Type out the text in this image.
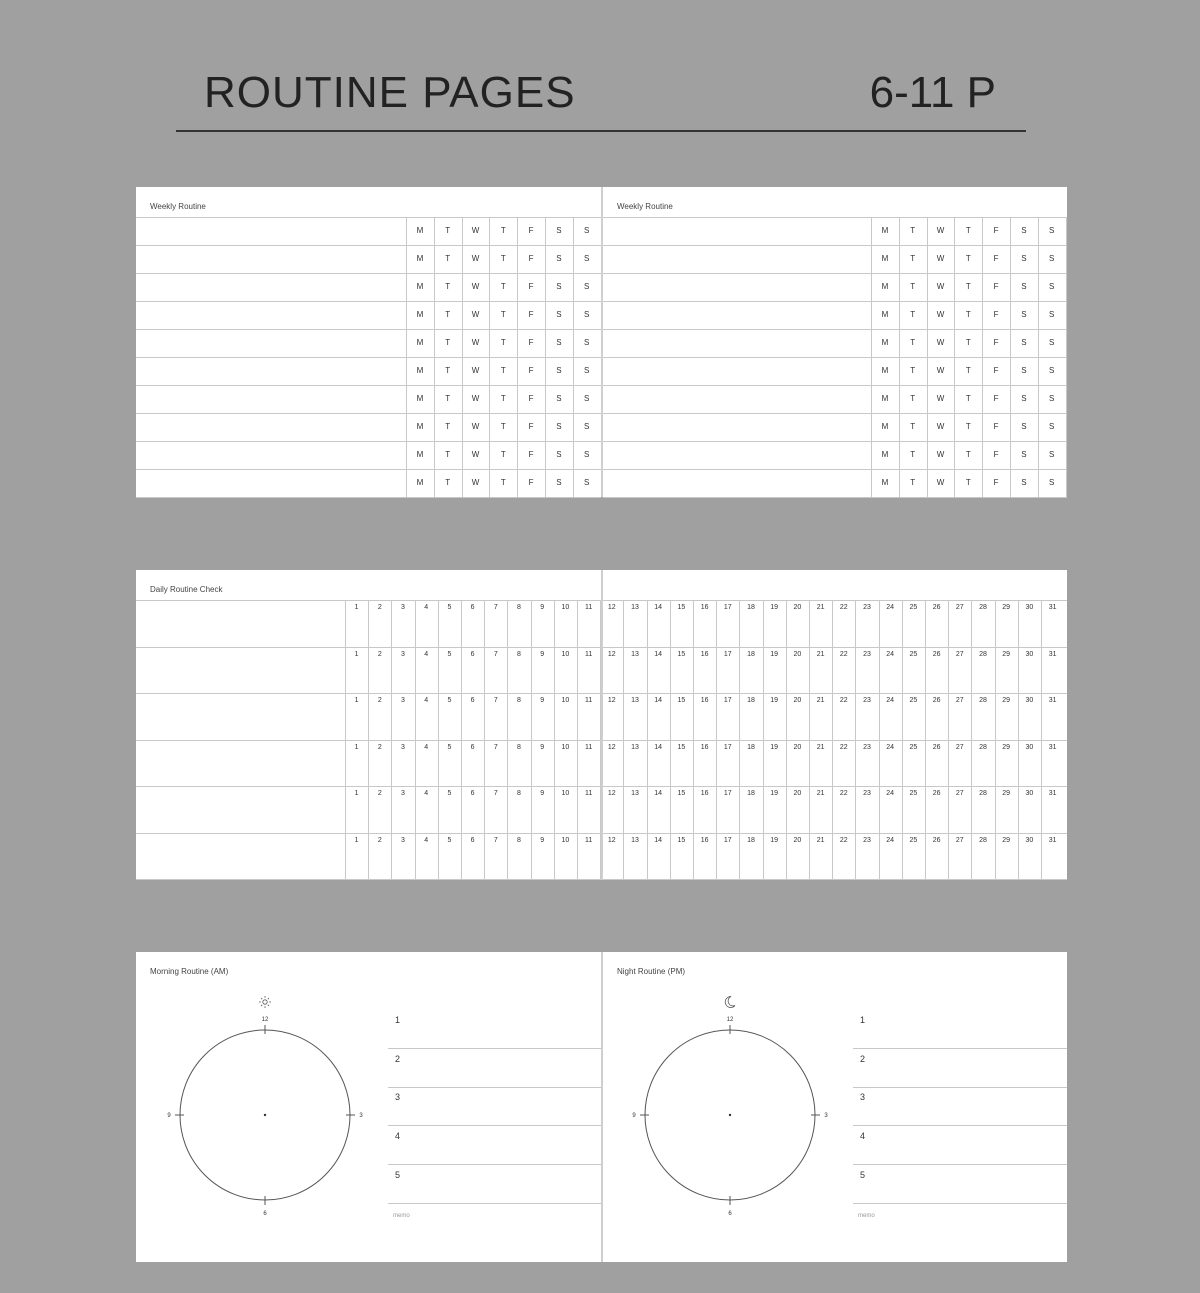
ROUTINE PAGES	6-11 P
Weekly Routine
M	T	W	T	F	S	S
M	T	W	T	F	S	S
M	T	W	T	F	S	S
M	T	W	T	F	S	S
M	T	W	T	F	S	S
M	T	W	T	F	S	S
M	T	W	T	F	S	S
M	T	W	T	F	S	S
M	T	W	T	F	S	S
M	T	W	T	F	S	S
Weekly Routine
M	T	W	T	F	S	S
M	T	W	T	F	S	S
M	T	W	T	F	S	S
M	T	W	T	F	S	S
M	T	W	T	F	S	S
M	T	W	T	F	S	S
M	T	W	T	F	S	S
M	T	W	T	F	S	S
M	T	W	T	F	S	S
M	T	W	T	F	S	S
Daily Routine Check
1	2	3	4	5	6	7	8	9	10	11	12	13	14	15	16	17	18	19	20	21	22	23	24	25	26	27	28	29	30	31
1	2	3	4	5	6	7	8	9	10	11	12	13	14	15	16	17	18	19	20	21	22	23	24	25	26	27	28	29	30	31
1	2	3	4	5	6	7	8	9	10	11	12	13	14	15	16	17	18	19	20	21	22	23	24	25	26	27	28	29	30	31
1	2	3	4	5	6	7	8	9	10	11	12	13	14	15	16	17	18	19	20	21	22	23	24	25	26	27	28	29	30	31
1	2	3	4	5	6	7	8	9	10	11	12	13	14	15	16	17	18	19	20	21	22	23	24	25	26	27	28	29	30	31
1	2	3	4	5	6	7	8	9	10	11	12	13	14	15	16	17	18	19	20	21	22	23	24	25	26	27	28	29	30	31
Morning Routine (AM)
12
6
9	3
1
2
3
4
5
memo
Night Routine (PM)
12
6
9	3
1
2
3
4
5
memo
